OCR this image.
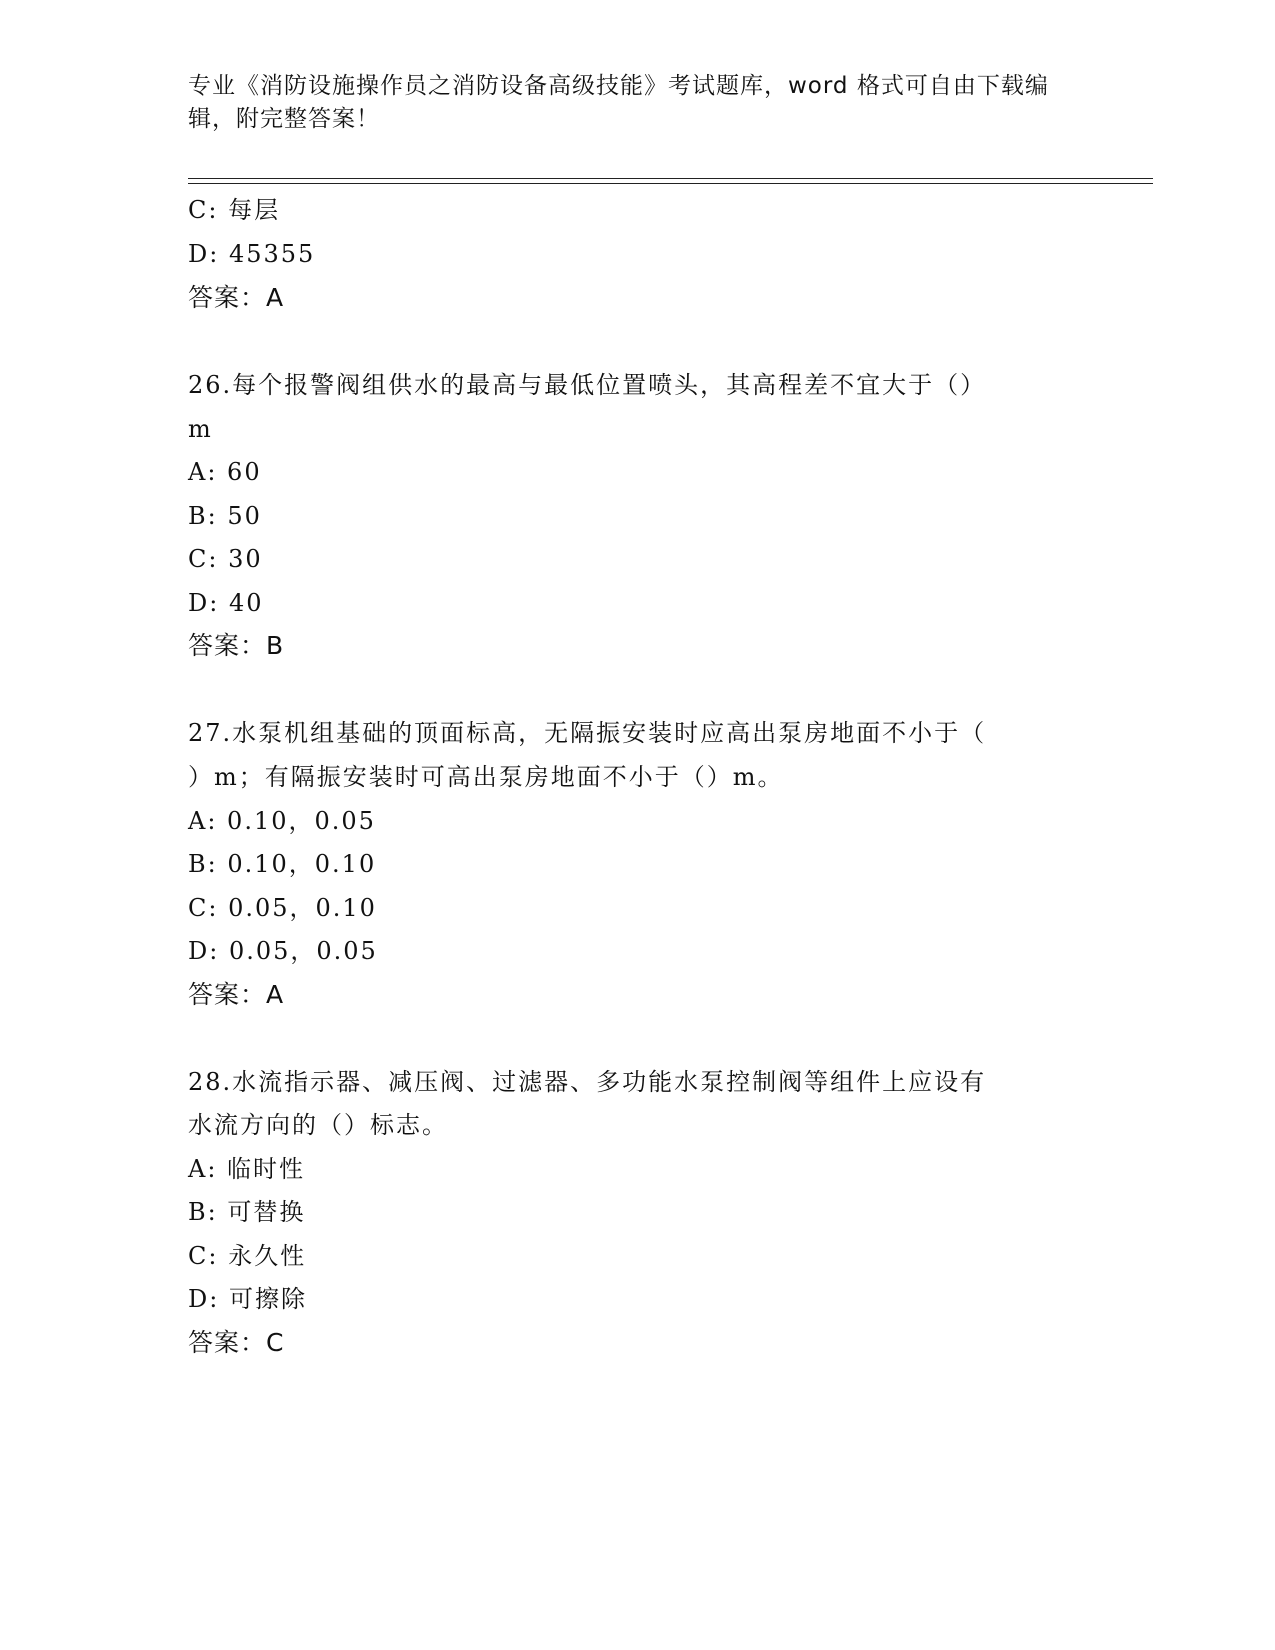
专业《消防设施操作员之消防设备高级技能》考试题库，word 格式可自由下载编
辑，附完整答案！
C: 每层
D: 45355
答案：A
26.每个报警阀组供水的最高与最低位置喷头，其高程差不宜大于（）
m
A: 60
B: 50
C: 30
D: 40
答案：B
27.水泵机组基础的顶面标高，无隔振安装时应高出泵房地面不小于（
）m；有隔振安装时可高出泵房地面不小于（）m。
A: 0.10，0.05
B: 0.10，0.10
C: 0.05，0.10
D: 0.05，0.05
答案：A
28.水流指示器、减压阀、过滤器、多功能水泵控制阀等组件上应设有
水流方向的（）标志。
A: 临时性
B: 可替换
C: 永久性
D: 可擦除
答案：C
